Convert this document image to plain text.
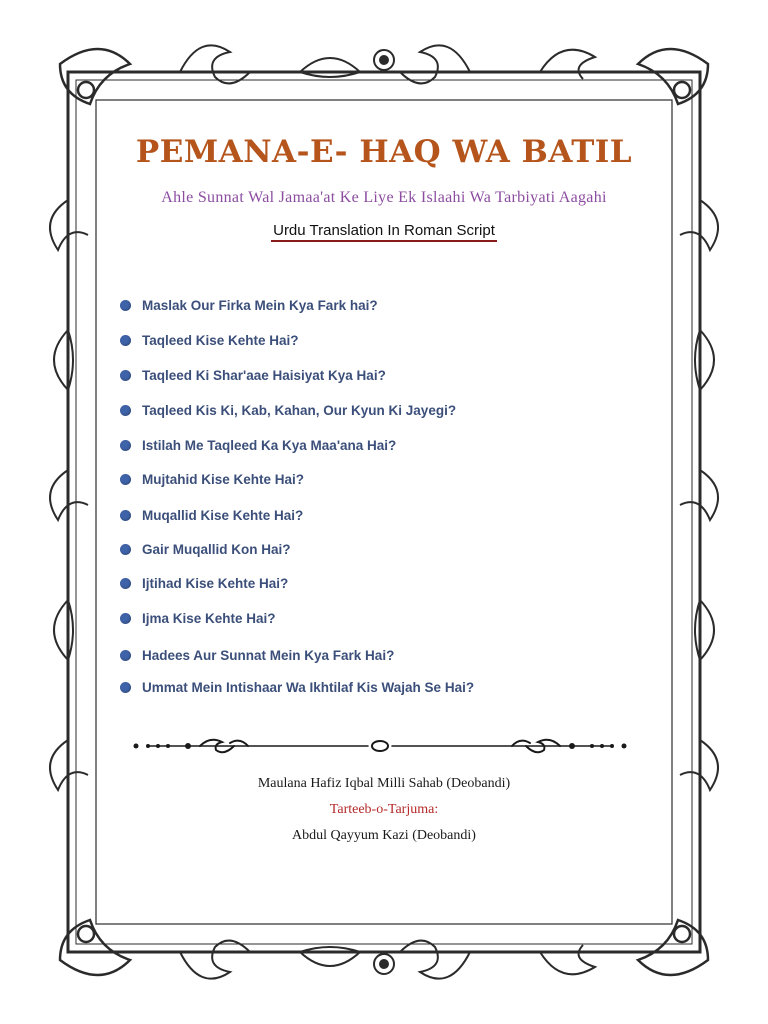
PEMANA-E- HAQ WA BATIL
Ahle Sunnat Wal Jamaa'at Ke Liye Ek Islaahi Wa Tarbiyati Aagahi
Urdu Translation In Roman Script
Maslak Our Firka Mein Kya Fark hai?
Taqleed Kise Kehte Hai?
Taqleed Ki Shar'aae Haisiyat Kya Hai?
Taqleed Kis Ki, Kab, Kahan, Our Kyun Ki Jayegi?
Istilah Me Taqleed Ka Kya Maa'ana Hai?
Mujtahid Kise Kehte Hai?
Muqallid Kise Kehte Hai?
Gair Muqallid Kon Hai?
Ijtihad Kise Kehte Hai?
Ijma Kise Kehte Hai?
Hadees Aur Sunnat Mein Kya Fark Hai?
Ummat Mein Intishaar Wa Ikhtilaf Kis Wajah Se Hai?
Maulana Hafiz Iqbal Milli Sahab (Deobandi)
Tarteeb-o-Tarjuma:
Abdul Qayyum Kazi (Deobandi)
